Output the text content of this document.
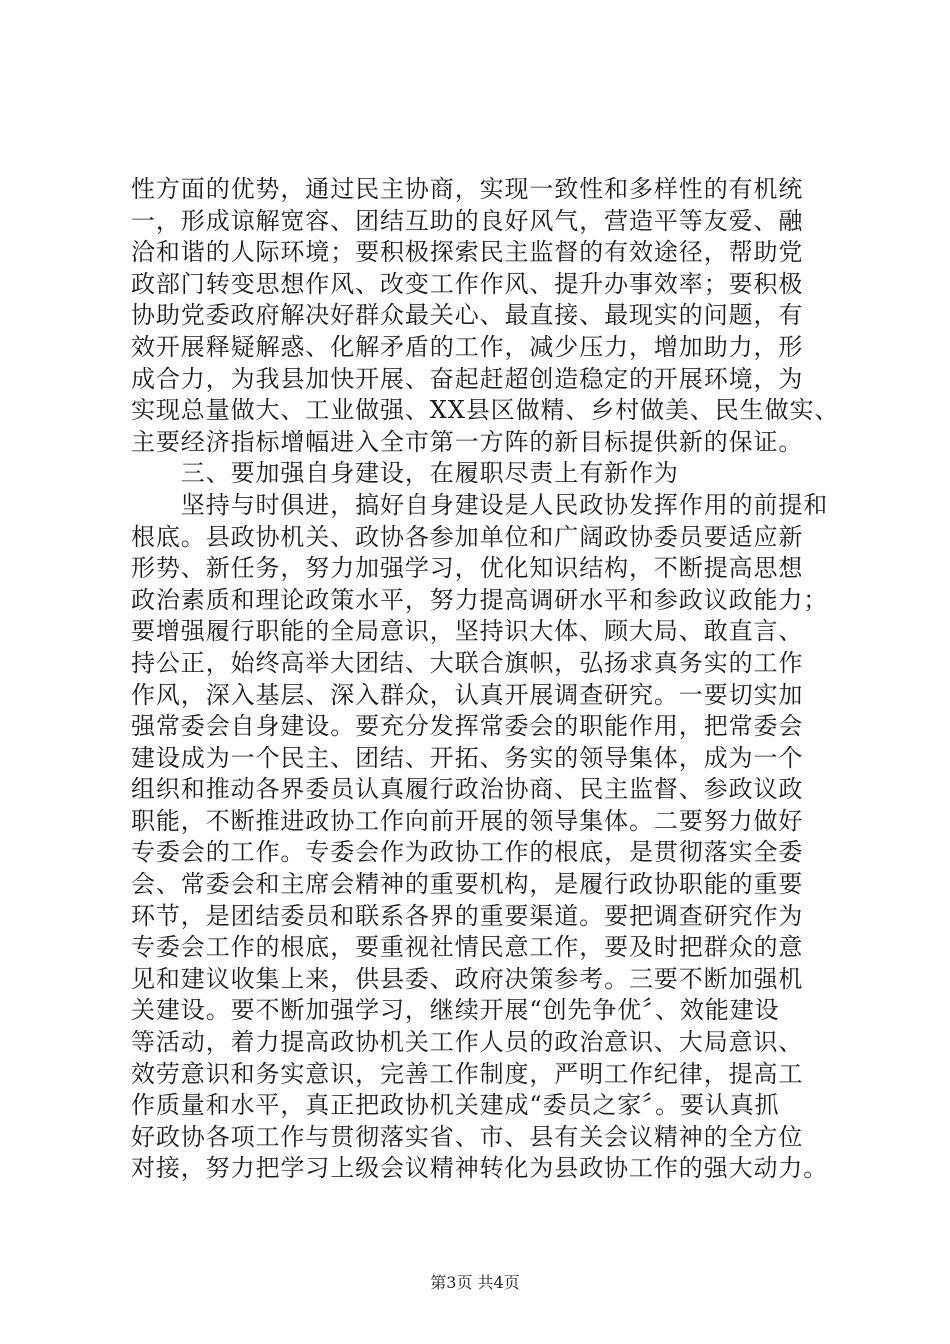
性方面的优势，通过民主协商，实现一致性和多样性的有机统
一，形成谅解宽容、团结互助的良好风气，营造平等友爱、融
洽和谐的人际环境；要积极探索民主监督的有效途径，帮助党
政部门转变思想作风、改变工作作风、提升办事效率；要积极
协助党委政府解决好群众最关心、最直接、最现实的问题，有
效开展释疑解惑、化解矛盾的工作，减少压力，增加助力，形
成合力，为我县加快开展、奋起赶超创造稳定的开展环境，为
实现总量做大、工业做强、XX县区做精、乡村做美、民生做实、
主要经济指标增幅进入全市第一方阵的新目标提供新的保证。
　　三、要加强自身建设，在履职尽责上有新作为
　　坚持与时俱进，搞好自身建设是人民政协发挥作用的前提和
根底。县政协机关、政协各参加单位和广阔政协委员要适应新
形势、新任务，努力加强学习，优化知识结构，不断提高思想
政治素质和理论政策水平，努力提高调研水平和参政议政能力；
要增强履行职能的全局意识，坚持识大体、顾大局、敢直言、
持公正，始终高举大团结、大联合旗帜，弘扬求真务实的工作
作风，深入基层、深入群众，认真开展调查研究。一要切实加
强常委会自身建设。要充分发挥常委会的职能作用，把常委会
建设成为一个民主、团结、开拓、务实的领导集体，成为一个
组织和推动各界委员认真履行政治协商、民主监督、参政议政
职能，不断推进政协工作向前开展的领导集体。二要努力做好
专委会的工作。专委会作为政协工作的根底，是贯彻落实全委
会、常委会和主席会精神的重要机构，是履行政协职能的重要
环节，是团结委员和联系各界的重要渠道。要把调查研究作为
专委会工作的根底，要重视社情民意工作，要及时把群众的意
见和建议收集上来，供县委、政府决策参考。三要不断加强机
关建设。要不断加强学习，继续开展“创先争优〞、效能建设
等活动，着力提高政协机关工作人员的政治意识、大局意识、
效劳意识和务实意识，完善工作制度，严明工作纪律，提高工
作质量和水平，真正把政协机关建成“委员之家〞。要认真抓
好政协各项工作与贯彻落实省、市、县有关会议精神的全方位
对接，努力把学习上级会议精神转化为县政协工作的强大动力。
第3页 共4页
